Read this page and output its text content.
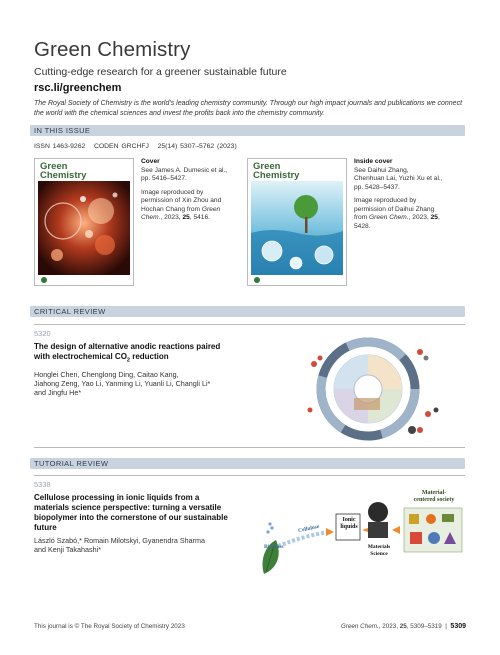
Green Chemistry
Cutting-edge research for a greener sustainable future
rsc.li/greenchem
The Royal Society of Chemistry is the world's leading chemistry community. Through our high impact journals and publications we connect the world with the chemical sciences and invest the profits back into the chemistry community.
IN THIS ISSUE
ISSN 1463-9262 CODEN GRCHFJ 25(14) 5307–5762 (2023)
Green
Chemistry
Cover
See James A. Dumesic et al.,
pp. 5416–5427.
Image reproduced by
permission of Xin Zhou and
Hochan Chang from Green
Chem., 2023, 25, 5416.
Green
Chemistry
Inside cover
See Daihui Zhang,
Chenhuan Lai, Yuzhi Xu et al.,
pp. 5428–5437.
Image reproduced by
permission of Daihui Zhang
from Green Chem., 2023, 25,
5428.
CRITICAL REVIEW
5320
The design of alternative anodic reactions paired
with electrochemical $CO_2$ reduction
Honglei Chen, Chenglong Ding, Caitao Kang,
Jiahong Zeng, Yao Li, Yanming Li, Yuanli Li, Changli Li*
and Jingfu He*
TUTORIAL REVIEW
5338
Cellulose processing in ionic liquids from a
materials science perspective: turning a versatile
biopolymer into the cornerstone of our sustainable
future
László Szabó,* Romain Milotskyi, Gyanendra Sharma
and Kenji Takahashi*	Biomass
Cellulose
Ionic
liquids
Materials
Science
Material-
centered society
This journal is © The Royal Society of Chemistry 2023	Green Chem., 2023, 25, 5309–5319  |  5309
